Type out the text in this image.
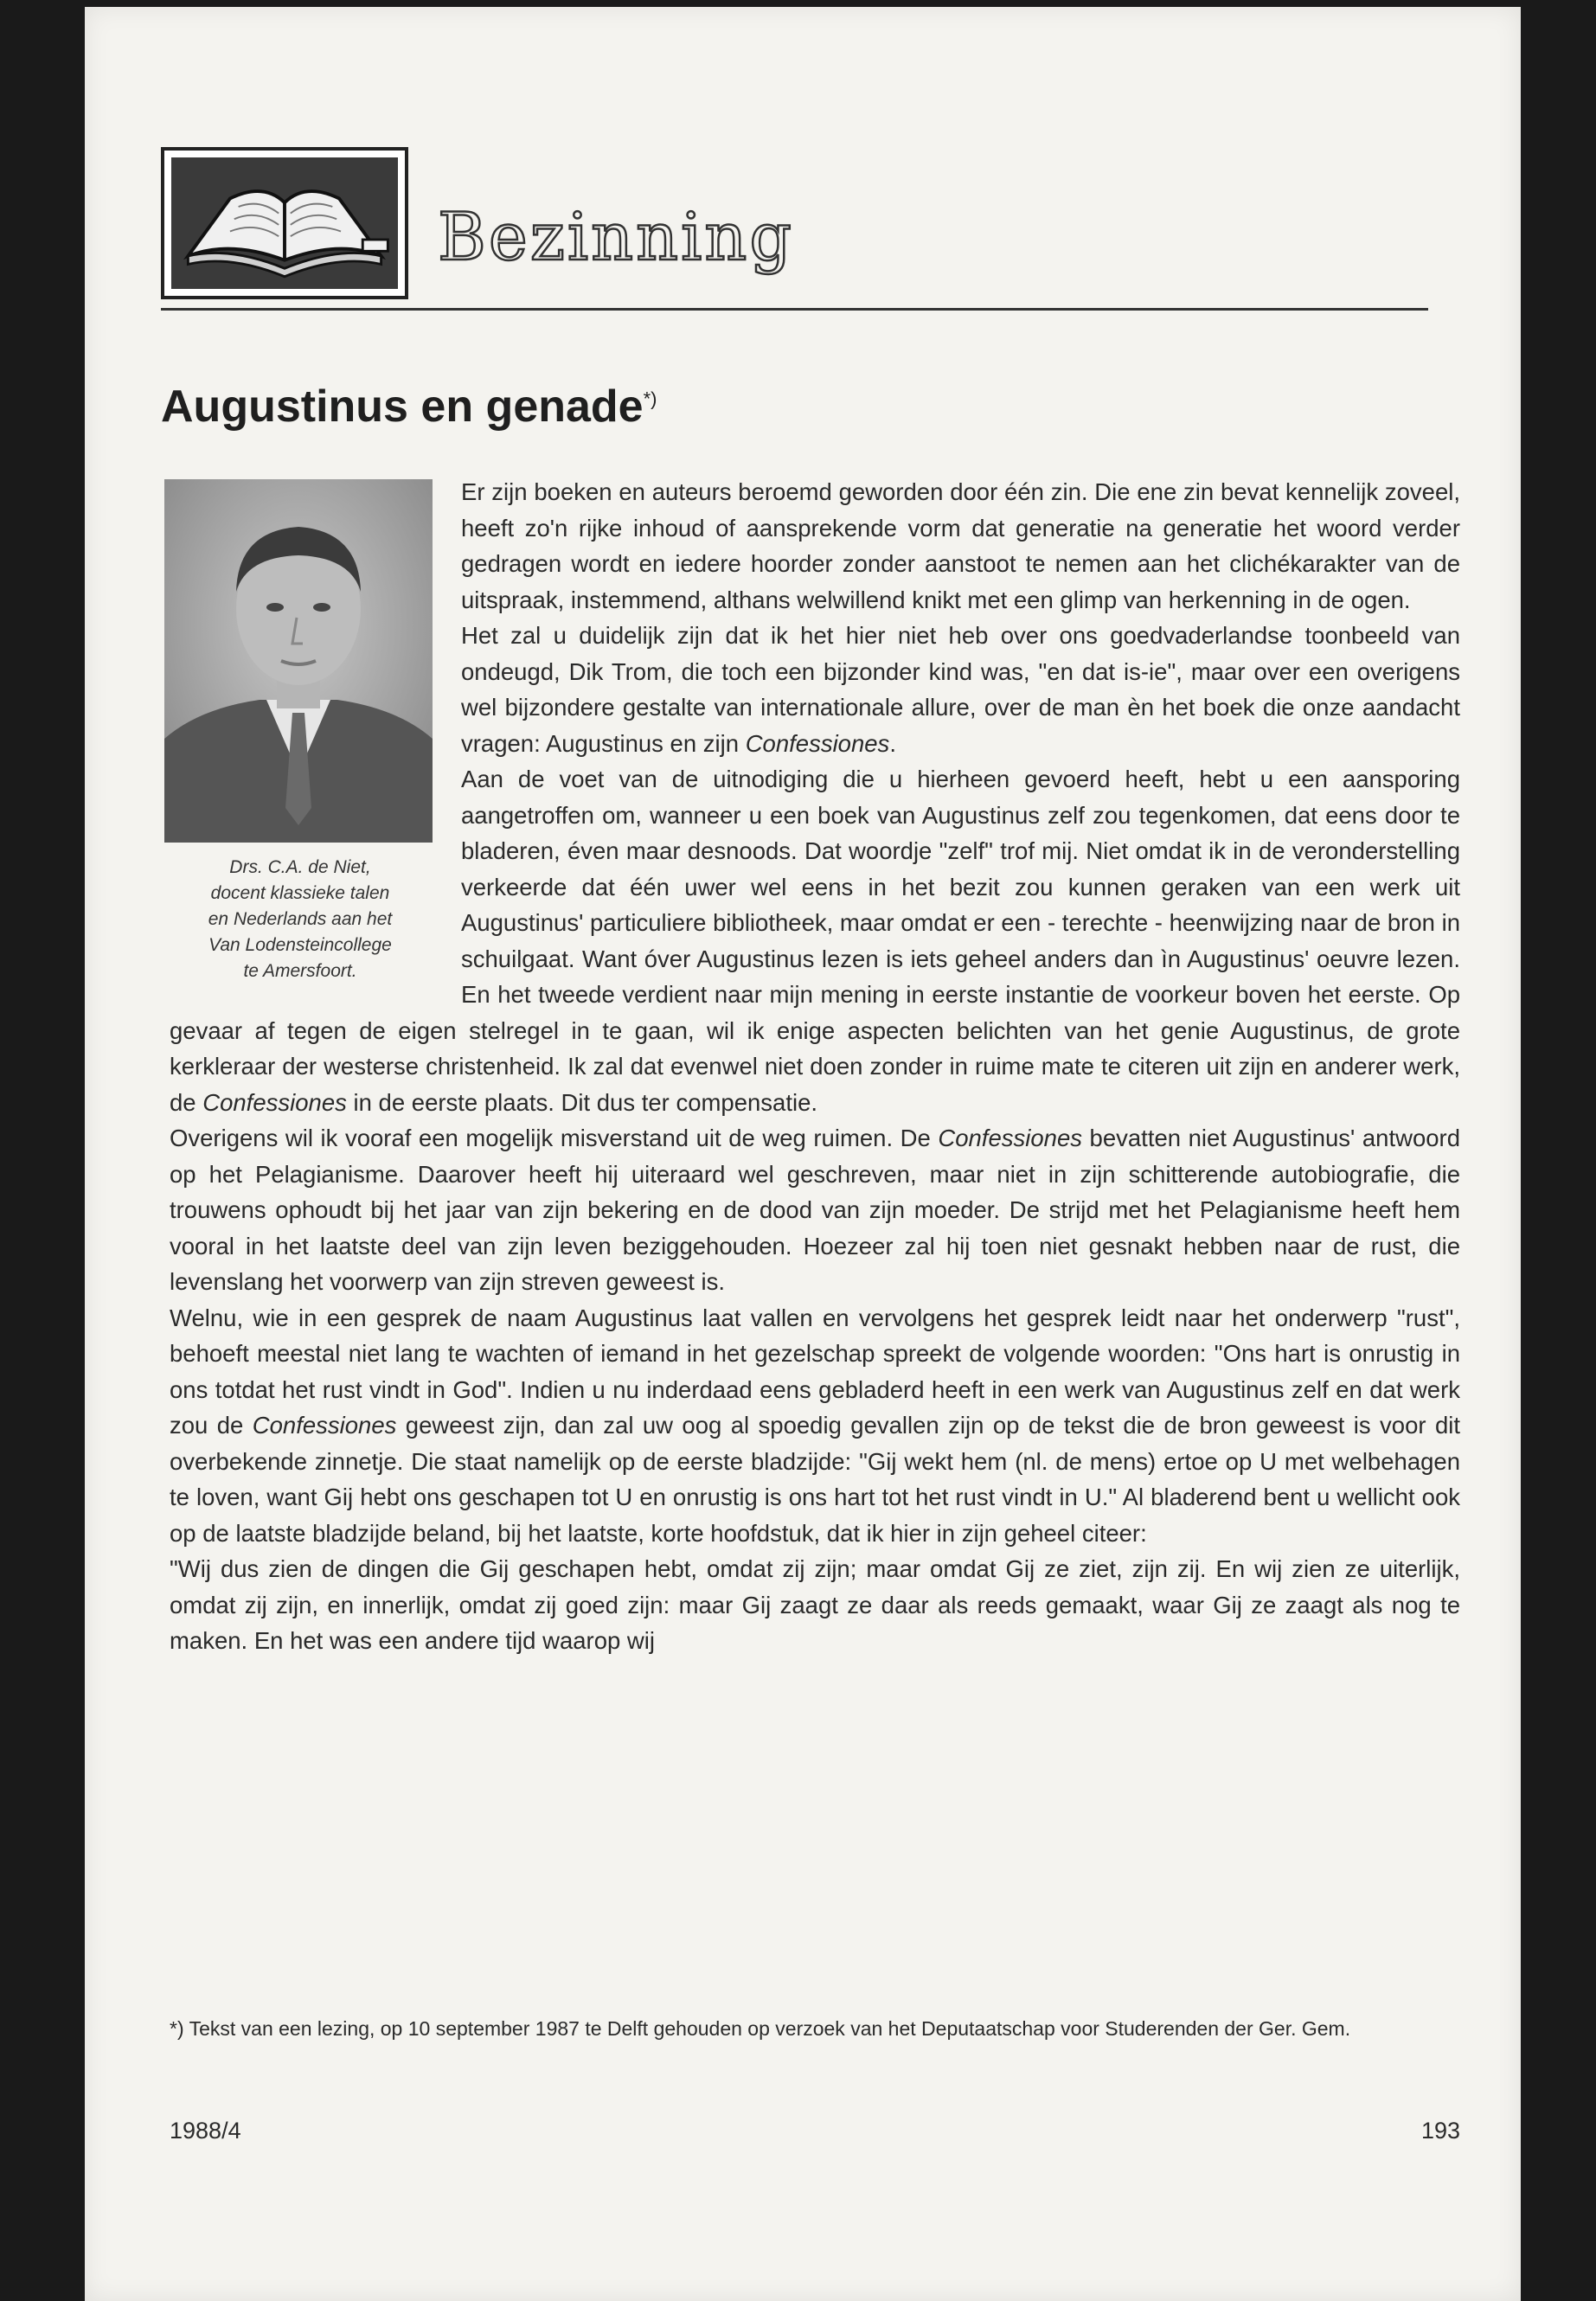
Bezinning
Augustinus en genade*)
Drs. C.A. de Niet,
docent klassieke talen
en Nederlands aan het
Van Lodensteincollege
te Amersfoort.

Er zijn boeken en auteurs beroemd geworden door één zin. Die ene zin bevat kennelijk zoveel, heeft zo'n rijke inhoud of aansprekende vorm dat generatie na generatie het woord verder gedragen wordt en iedere hoorder zonder aanstoot te nemen aan het clichékarakter van de uitspraak, instemmend, althans welwillend knikt met een glimp van herkenning in de ogen.

Het zal u duidelijk zijn dat ik het hier niet heb over ons goedvaderlandse toonbeeld van ondeugd, Dik Trom, die toch een bijzonder kind was, "en dat is-ie", maar over een overigens wel bijzondere gestalte van internationale allure, over de man èn het boek die onze aandacht vragen: Augustinus en zijn Confessiones.

Aan de voet van de uitnodiging die u hierheen gevoerd heeft, hebt u een aansporing aangetroffen om, wanneer u een boek van Augustinus zelf zou tegenkomen, dat eens door te bladeren, éven maar desnoods. Dat woordje "zelf" trof mij. Niet omdat ik in de veronderstelling verkeerde dat één uwer wel eens in het bezit zou kunnen geraken van een werk uit Augustinus' particuliere bibliotheek, maar omdat er een - terechte - heenwijzing naar de bron in schuilgaat. Want óver Augustinus lezen is iets geheel anders dan ìn Augustinus' oeuvre lezen. En het tweede verdient naar mijn mening in eerste instantie de voorkeur boven het eerste. Op gevaar af tegen de eigen stelregel in te gaan, wil ik enige aspecten belichten van het genie Augustinus, de grote kerkleraar der westerse christenheid. Ik zal dat evenwel niet doen zonder in ruime mate te citeren uit zijn en anderer werk, de Confessiones in de eerste plaats. Dit dus ter compensatie.

Overigens wil ik vooraf een mogelijk misverstand uit de weg ruimen. De Confessiones bevatten niet Augustinus' antwoord op het Pelagianisme. Daarover heeft hij uiteraard wel geschreven, maar niet in zijn schitterende autobiografie, die trouwens ophoudt bij het jaar van zijn bekering en de dood van zijn moeder. De strijd met het Pelagianisme heeft hem vooral in het laatste deel van zijn leven beziggehouden. Hoezeer zal hij toen niet gesnakt hebben naar de rust, die levenslang het voorwerp van zijn streven geweest is.

Welnu, wie in een gesprek de naam Augustinus laat vallen en vervolgens het gesprek leidt naar het onderwerp "rust", behoeft meestal niet lang te wachten of iemand in het gezelschap spreekt de volgende woorden: "Ons hart is onrustig in ons totdat het rust vindt in God". Indien u nu inderdaad eens gebladerd heeft in een werk van Augustinus zelf en dat werk zou de Confessiones geweest zijn, dan zal uw oog al spoedig gevallen zijn op de tekst die de bron geweest is voor dit overbekende zinnetje. Die staat namelijk op de eerste bladzijde: "Gij wekt hem (nl. de mens) ertoe op U met welbehagen te loven, want Gij hebt ons geschapen tot U en onrustig is ons hart tot het rust vindt in U." Al bladerend bent u wellicht ook op de laatste bladzijde beland, bij het laatste, korte hoofdstuk, dat ik hier in zijn geheel citeer:

"Wij dus zien de dingen die Gij geschapen hebt, omdat zij zijn; maar omdat Gij ze ziet, zijn zij. En wij zien ze uiterlijk, omdat zij zijn, en innerlijk, omdat zij goed zijn: maar Gij zaagt ze daar als reeds gemaakt, waar Gij ze zaagt als nog te maken. En het was een andere tijd waarop wij

*) Tekst van een lezing, op 10 september 1987 te Delft gehouden op verzoek van het Deputaatschap voor Studerenden der Ger. Gem.
1988/4	193
